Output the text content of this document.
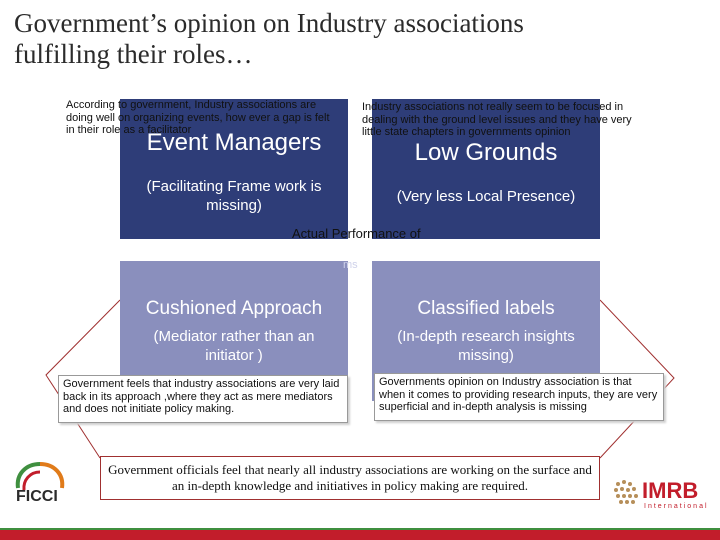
Government’s opinion on Industry associations
fulfilling their roles…
Event Managers
(Facilitating Frame work is missing)
Low Grounds
(Very less Local Presence)
Cushioned Approach
(Mediator rather than an initiator )
Classified labels
(In-depth research insights missing)
Actual Performance of
ms
According to government, Industry associations are doing well on organizing events, how ever a gap is felt in their role as a facilitator
Industry associations not really seem to be focused in dealing with the ground level issues and they have very little state chapters in governments opinion
Government feels that industry associations are very laid back in its approach ,where they act as mere mediators and does not initiate policy making.
Governments opinion on Industry association is that when it comes to providing research inputs, they are very superficial and in-depth analysis is missing
Government officials feel that nearly all industry associations are working on the surface and an in-depth knowledge and initiatives in policy making are required.
FICCI	IMRB
International
